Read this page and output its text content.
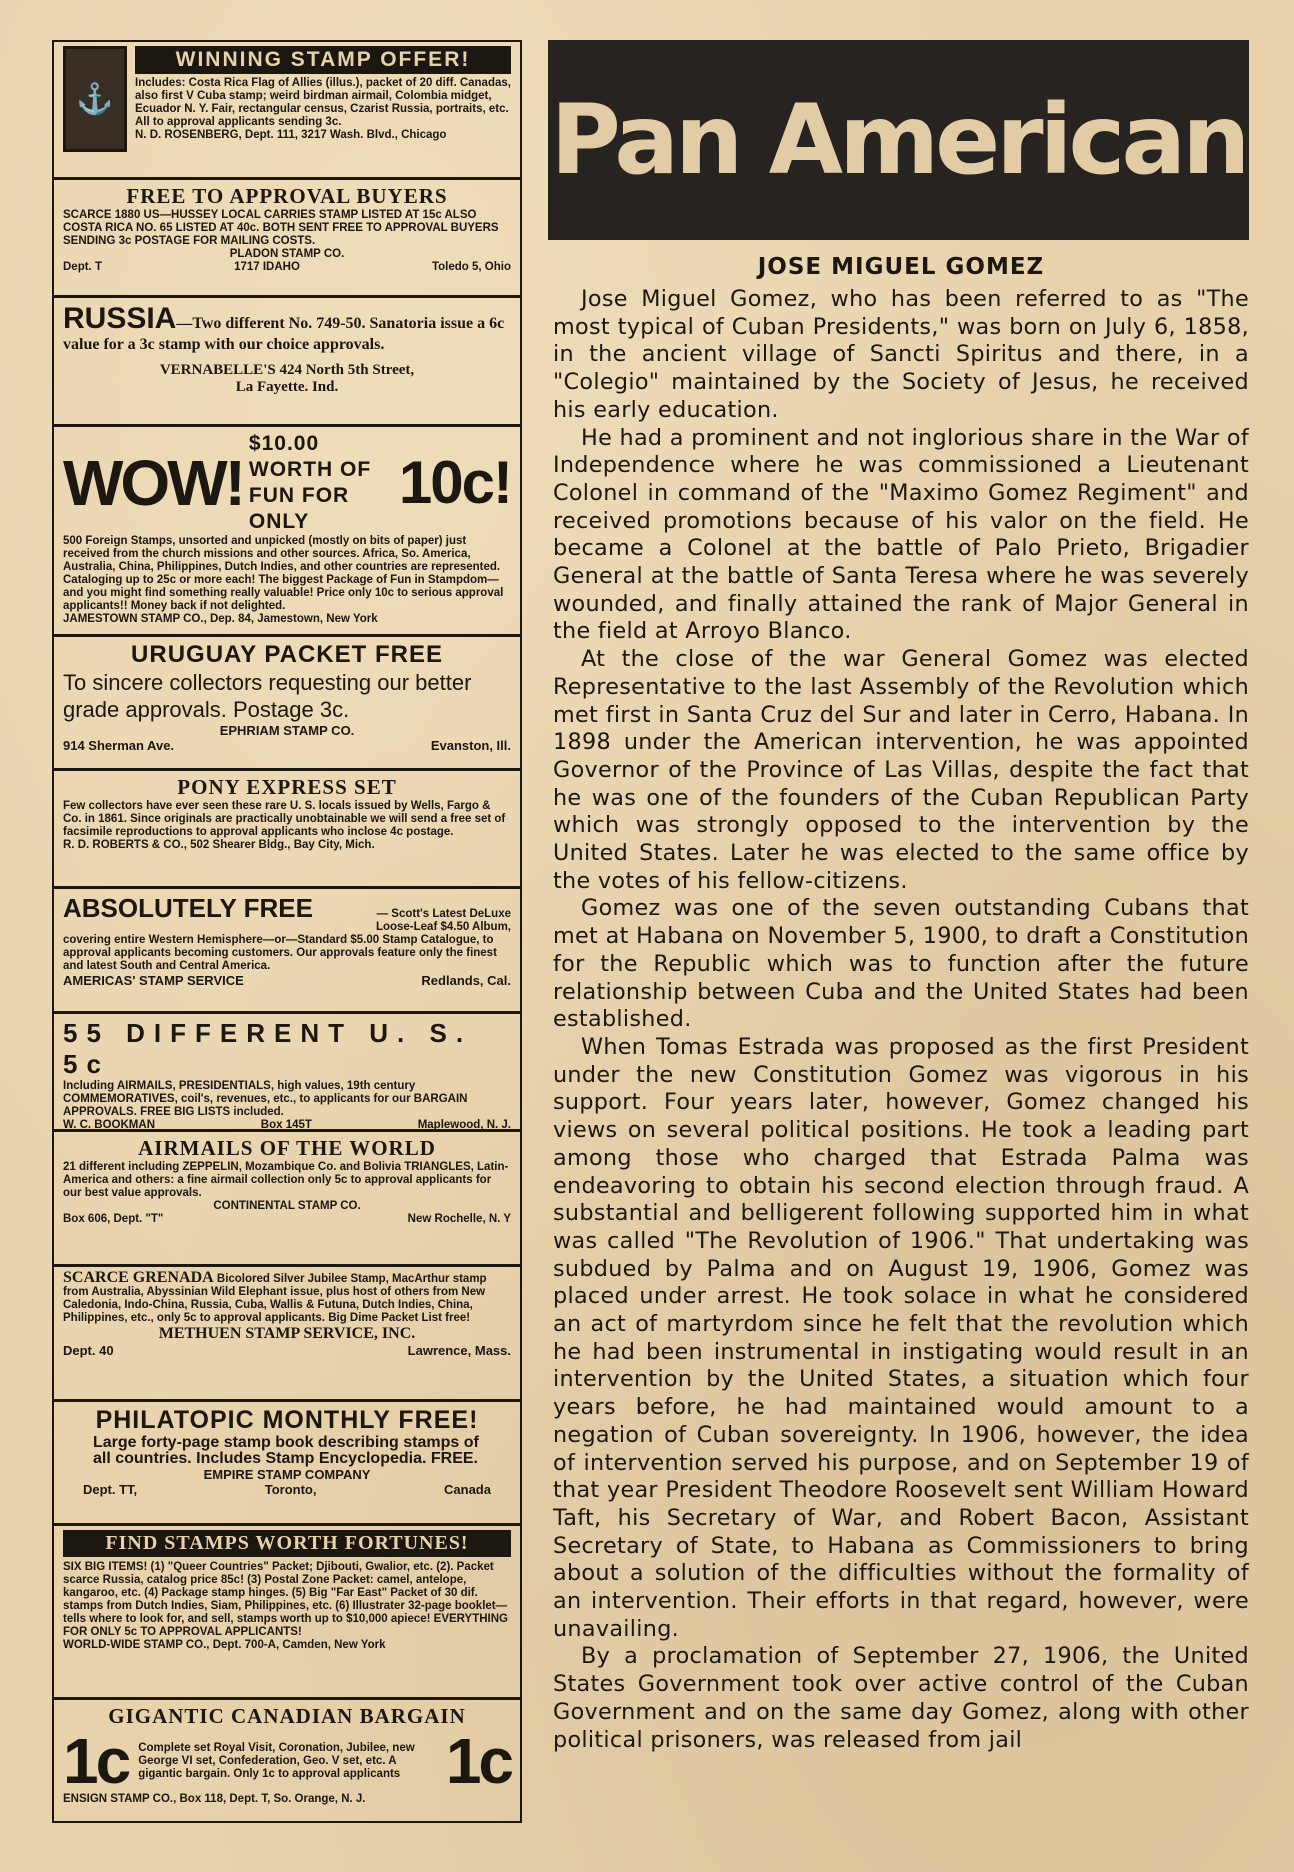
⚓
WINNING STAMP OFFER!
Includes: Costa Rica Flag of Allies (illus.), packet of 20 diff. Canadas, also first V Cuba stamp; weird birdman airmail, Colombia midget, Ecuador N. Y. Fair, rectangular census, Czarist Russia, portraits, etc. All to approval applicants sending 3c.
N. D. ROSENBERG, Dept. 111, 3217 Wash. Blvd., Chicago
FREE TO APPROVAL BUYERS
SCARCE 1880 US—HUSSEY LOCAL CARRIES STAMP LISTED AT 15c ALSO COSTA RICA NO. 65 LISTED AT 40c. BOTH SENT FREE TO APPROVAL BUYERS SENDING 3c POSTAGE FOR MAILING COSTS.
PLADON STAMP CO.
Dept. T	1717 IDAHO	Toledo 5, Ohio
RUSSIA—Two different No. 749-50. Sanatoria issue a 6c value for a 3c stamp with our choice approvals.
VERNABELLE'S 424 North 5th Street,
La Fayette. Ind.
WOW!
$10.00 WORTH OF
FUN FOR ONLY
10c!
500 Foreign Stamps, unsorted and unpicked (mostly on bits of paper) just received from the church missions and other sources. Africa, So. America, Australia, China, Philippines, Dutch Indies, and other countries are represented. Cataloging up to 25c or more each! The biggest Package of Fun in Stampdom—and you might find something really valuable! Price only 10c to serious approval applicants!! Money back if not delighted.
JAMESTOWN STAMP CO., Dep. 84, Jamestown, New York
URUGUAY PACKET FREE
To sincere collectors requesting our better grade approvals. Postage 3c.
EPHRIAM STAMP CO.
914 Sherman Ave.	Evanston, Ill.
PONY EXPRESS SET
Few collectors have ever seen these rare U. S. locals issued by Wells, Fargo & Co. in 1861. Since originals are practically unobtainable we will send a free set of facsimile reproductions to approval applicants who inclose 4c postage.
R. D. ROBERTS & CO., 502 Shearer Bldg., Bay City, Mich.
ABSOLUTELY FREE	— Scott's Latest DeLuxe Loose-Leaf $4.50 Album,
covering entire Western Hemisphere—or—Standard $5.00 Stamp Catalogue, to approval applicants becoming customers. Our approvals feature only the finest and latest South and Central America.
AMERICAS' STAMP SERVICE	Redlands, Cal.
55 DIFFERENT U. S. 5c
Including AIRMAILS, PRESIDENTIALS, high values, 19th century COMMEMORATIVES, coil's, revenues, etc., to applicants for our BARGAIN APPROVALS. FREE BIG LISTS included.
W. C. BOOKMAN	Box 145T	Maplewood, N. J.
AIRMAILS OF THE WORLD
21 different including ZEPPELIN, Mozambique Co. and Bolivia TRIANGLES, Latin-America and others: a fine airmail collection only 5c to approval applicants for our best value approvals.
CONTINENTAL STAMP CO.
Box 606, Dept. "T"	New Rochelle, N. Y
SCARCE GRENADA Bicolored Silver Jubilee Stamp, MacArthur stamp from Australia, Abyssinian Wild Elephant issue, plus host of others from New Caledonia, Indo-China, Russia, Cuba, Wallis & Futuna, Dutch Indies, China, Philippines, etc., only 5c to approval applicants. Big Dime Packet List free!
METHUEN STAMP SERVICE, INC.
Dept. 40	Lawrence, Mass.
PHILATOPIC MONTHLY FREE!
Large forty-page stamp book describing stamps of all countries. Includes Stamp Encyclopedia. FREE.
EMPIRE STAMP COMPANY
Dept. TT,	Toronto,	Canada
FIND STAMPS WORTH FORTUNES!
SIX BIG ITEMS! (1) "Queer Countries" Packet; Djibouti, Gwalior, etc. (2). Packet scarce Russia, catalog price 85c! (3) Postal Zone Packet: camel, antelope, kangaroo, etc. (4) Package stamp hinges. (5) Big "Far East" Packet of 30 dif. stamps from Dutch Indies, Siam, Philippines, etc. (6) Illustrater 32-page booklet—tells where to look for, and sell, stamps worth up to $10,000 apiece! EVERYTHING FOR ONLY 5c TO APPROVAL APPLICANTS!
WORLD-WIDE STAMP CO., Dept. 700-A, Camden, New York
GIGANTIC CANADIAN BARGAIN
1c Complete set Royal Visit, Coronation, Jubilee, new George VI set, Confederation, Geo. V set, etc. A gigantic bargain. Only 1c to approval applicants 1c
ENSIGN STAMP CO., Box 118, Dept. T, So. Orange, N. J.
Pan American
JOSE MIGUEL GOMEZ

Jose Miguel Gomez, who has been referred to as "The most typical of Cuban Presidents," was born on July 6, 1858, in the ancient village of Sancti Spiritus and there, in a "Colegio" maintained by the Society of Jesus, he received his early education.

He had a prominent and not inglorious share in the War of Independence where he was commissioned a Lieutenant Colonel in command of the "Maximo Gomez Regiment" and received promotions because of his valor on the field. He became a Colonel at the battle of Palo Prieto, Brigadier General at the battle of Santa Teresa where he was severely wounded, and finally attained the rank of Major General in the field at Arroyo Blanco.

At the close of the war General Gomez was elected Representative to the last Assembly of the Revolution which met first in Santa Cruz del Sur and later in Cerro, Habana. In 1898 under the American intervention, he was appointed Governor of the Province of Las Villas, despite the fact that he was one of the founders of the Cuban Republican Party which was strongly opposed to the intervention by the United States. Later he was elected to the same office by the votes of his fellow-citizens.

Gomez was one of the seven outstanding Cubans that met at Habana on November 5, 1900, to draft a Constitution for the Republic which was to function after the future relationship between Cuba and the United States had been established.

When Tomas Estrada was proposed as the first President under the new Constitution Gomez was vigorous in his support. Four years later, however, Gomez changed his views on several political positions. He took a leading part among those who charged that Estrada Palma was endeavoring to obtain his second election through fraud. A substantial and belligerent following supported him in what was called "The Revolution of 1906." That undertaking was subdued by Palma and on August 19, 1906, Gomez was placed under arrest. He took solace in what he considered an act of martyrdom since he felt that the revolution which he had been instrumental in instigating would result in an intervention by the United States, a situation which four years before, he had maintained would amount to a negation of Cuban sovereignty. In 1906, however, the idea of intervention served his purpose, and on September 19 of that year President Theodore Roosevelt sent William Howard Taft, his Secretary of War, and Robert Bacon, Assistant Secretary of State, to Habana as Commissioners to bring about a solution of the difficulties without the formality of an intervention. Their efforts in that regard, however, were unavailing.

By a proclamation of September 27, 1906, the United States Government took over active control of the Cuban Government and on the same day Gomez, along with other political prisoners, was released from jail
